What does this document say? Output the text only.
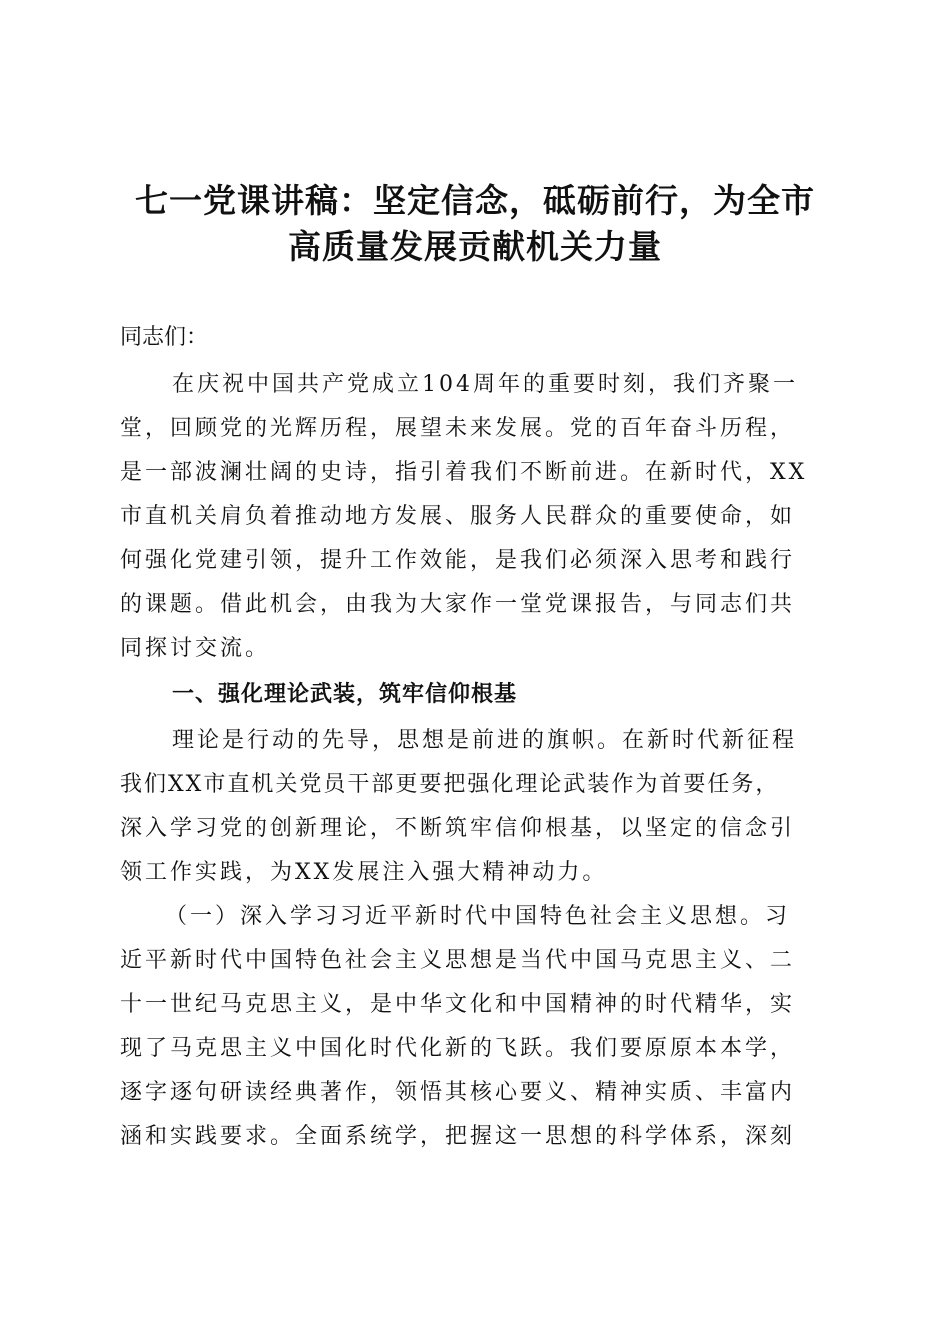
七一党课讲稿：坚定信念，砥砺前行，为全市
高质量发展贡献机关力量

同志们：

在庆祝中国共产党成立104周年的重要时刻，我们齐聚一

堂，回顾党的光辉历程，展望未来发展。党的百年奋斗历程，

是一部波澜壮阔的史诗，指引着我们不断前进。在新时代，XX

市直机关肩负着推动地方发展、服务人民群众的重要使命，如

何强化党建引领，提升工作效能，是我们必须深入思考和践行

的课题。借此机会，由我为大家作一堂党课报告，与同志们共

同探讨交流。

一、强化理论武装，筑牢信仰根基

理论是行动的先导，思想是前进的旗帜。在新时代新征程

我们XX市直机关党员干部更要把强化理论武装作为首要任务，

深入学习党的创新理论，不断筑牢信仰根基，以坚定的信念引

领工作实践，为XX发展注入强大精神动力。

（一）深入学习习近平新时代中国特色社会主义思想。习

近平新时代中国特色社会主义思想是当代中国马克思主义、二

十一世纪马克思主义，是中华文化和中国精神的时代精华，实

现了马克思主义中国化时代化新的飞跃。我们要原原本本学，

逐字逐句研读经典著作，领悟其核心要义、精神实质、丰富内

涵和实践要求。全面系统学，把握这一思想的科学体系，深刻
